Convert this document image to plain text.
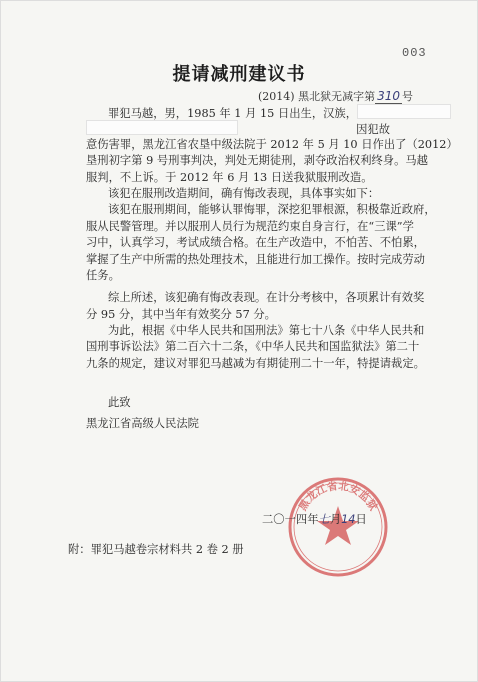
003
提请减刑建议书
(2014) 黑北狱无减字第 310 号
罪犯马越，男，1985 年 1 月 15 日出生，汉族，
因犯故
意伤害罪，黑龙江省农垦中级法院于 2012 年 5 月 10 日作出了（2012）
垦刑初字第 9 号刑事判决，判处无期徒刑，剥夺政治权利终身。马越
服判，不上诉。于 2012 年 6 月 13 日送我狱服刑改造。
该犯在服刑改造期间，确有悔改表现，具体事实如下：
该犯在服刑期间，能够认罪悔罪，深挖犯罪根源，积极靠近政府，
服从民警管理。并以服刑人员行为规范约束自身言行，在“三课”学
习中，认真学习，考试成绩合格。在生产改造中，不怕苦、不怕累，
掌握了生产中所需的热处理技术，且能进行加工操作。按时完成劳动
任务。
综上所述，该犯确有悔改表现。在计分考核中，各项累计有效奖
分 95 分，其中当年有效奖分 57 分。
为此，根据《中华人民共和国刑法》第七十八条《中华人民共和
国刑事诉讼法》第二百六十二条，《中华人民共和国监狱法》第二十
九条的规定，建议对罪犯马越减为有期徒刑二十一年，特提请裁定。
此致
黑龙江省高级人民法院
黑龙江省北安监狱
二〇一四年七月14日
附：罪犯马越卷宗材料共 2 卷 2 册
